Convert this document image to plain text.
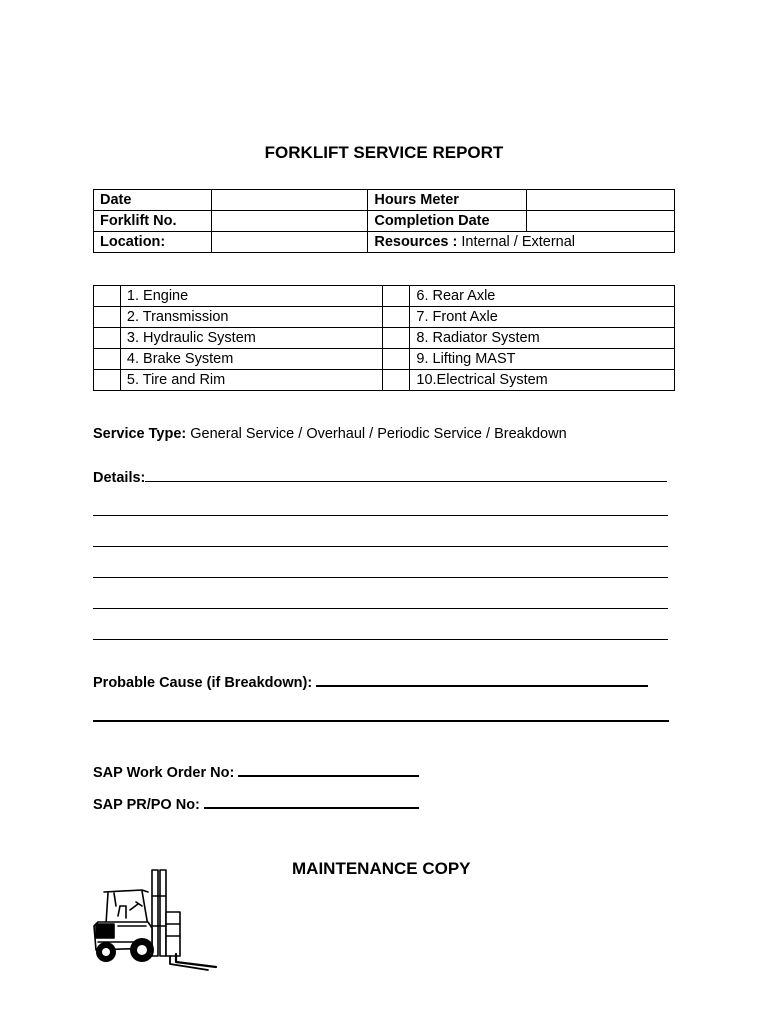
FORKLIFT SERVICE REPORT
Date		Hours Meter	
Forklift No.		Completion Date	
Location:		Resources : Internal / External	
	1. Engine		6. Rear Axle
	2. Transmission		7. Front Axle
	3. Hydraulic System		8. Radiator System
	4. Brake System		9. Lifting MAST
	5. Tire and Rim		10.Electrical System
Service Type: General Service / Overhaul / Periodic Service / Breakdown
Details:
Probable Cause (if Breakdown):
SAP Work Order No:
SAP PR/PO No:
MAINTENANCE COPY
